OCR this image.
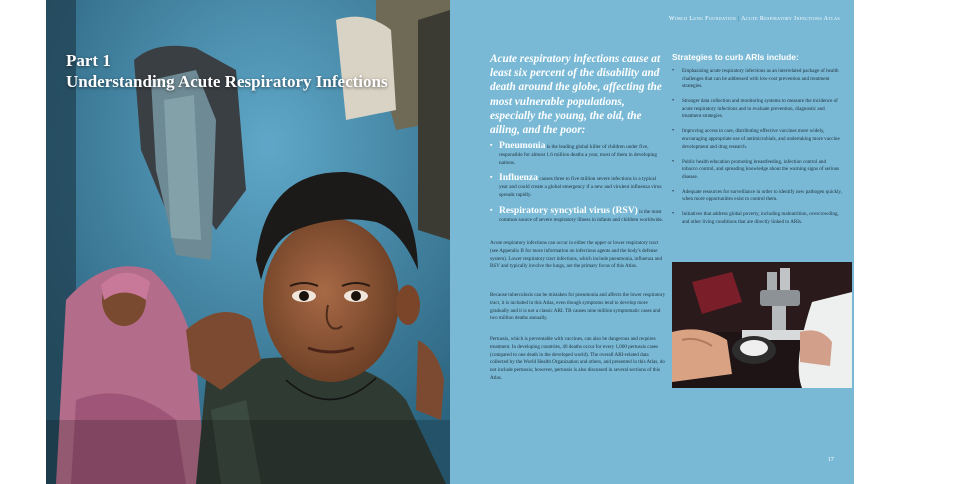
Part 1
Understanding Acute Respiratory Infections
World Lung Foundation | Acute Respiratory Infections Atlas
Acute respiratory infections cause at least six percent of the disability and death around the globe, affecting the most vulnerable populations, especially the young, the old, the ailing, and the poor:
▪ Pneumonia is the leading global killer of children under five, responsible for almost 1.6 million deaths a year, most of them in developing nations.
▪ Influenza causes three to five million severe infections in a typical year and could create a global emergency if a new and virulent influenza virus spreads rapidly.
▪ Respiratory syncytial virus (RSV) is the most common source of severe respiratory illness in infants and children worldwide.

Acute respiratory infections can occur in either the upper or lower respiratory tract (see Appendix B for more information on infectious agents and the body's defense system). Lower respiratory tract infections, which include pneumonia, influenza and RSV and typically involve the lungs, are the primary focus of this Atlas.

Because tuberculosis can be mistaken for pneumonia and affects the lower respiratory tract, it is included in this Atlas, even though symptoms tend to develop more gradually and it is not a classic ARI. TB causes nine million symptomatic cases and two million deaths annually.

Pertussis, which is preventable with vaccines, can also be dangerous and requires treatment. In developing countries, 40 deaths occur for every 1,000 pertussis cases (compared to one death in the developed world). The overall ARI-related data collected by the World Health Organization and others, and presented in this Atlas, do not include pertussis; however, pertussis is also discussed in several sections of this Atlas.

Strategies to curb ARIs include:
• Emphasizing acute respiratory infections as an interrelated package of health challenges that can be addressed with low-cost prevention and treatment strategies.
• Stronger data collection and monitoring systems to measure the incidence of acute respiratory infections and to evaluate prevention, diagnostic and treatment strategies.
• Improving access to care, distributing effective vaccines more widely, encouraging appropriate use of antimicrobials, and undertaking more vaccine development and drug research.
• Public health education promoting breastfeeding, infection control and tobacco control, and spreading knowledge about the warning signs of serious disease.
• Adequate resources for surveillance in order to identify new pathogen quickly, when more opportunities exist to control them.
• Initiatives that address global poverty, including malnutrition, overcrowding, and other living conditions that are directly linked to ARIs.
17
